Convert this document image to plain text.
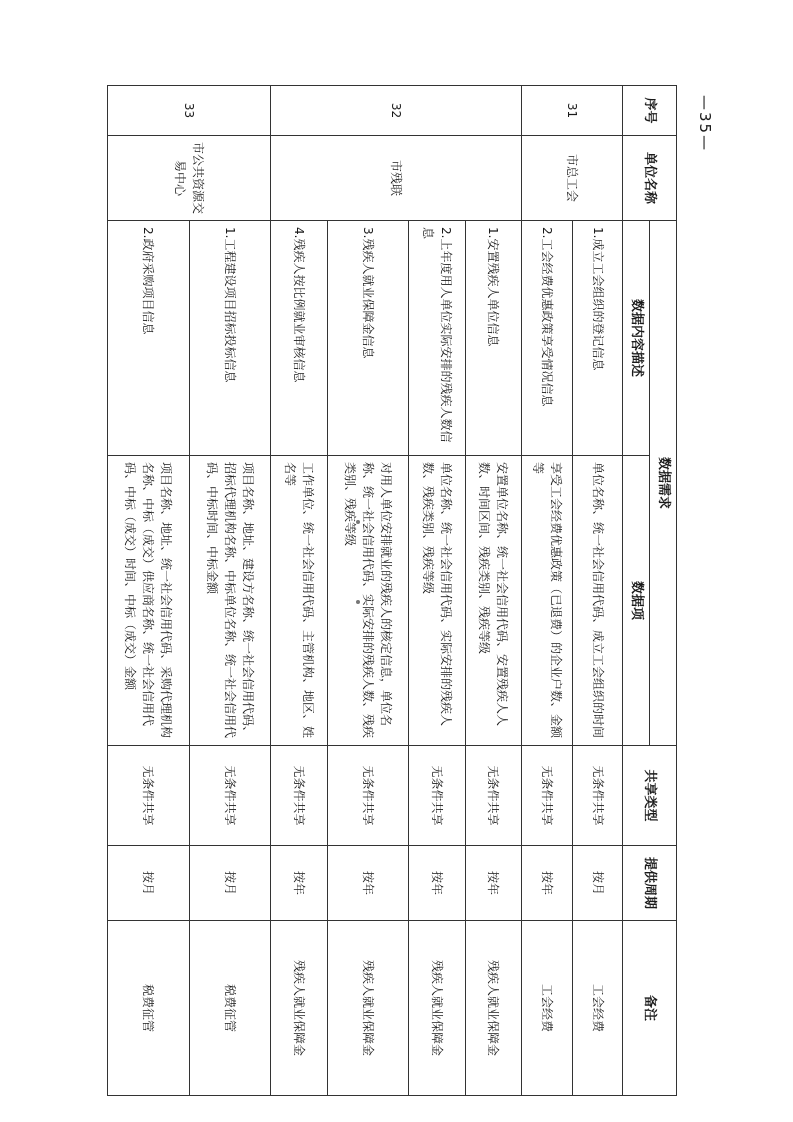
—35—
序号	单位名称	数据需求		共享类型	提供周期	备注
		数据内容描述	数据项			
31	市总工会	1.成立工会组织的登记信息	单位名称、统一社会信用代码、成立工会组织的时间	无条件共享	按月	工会经费
		2.工会经费优惠政策享受情况信息	享受工会经费优惠政策（已退费）的企业户数、金额等	无条件共享	按年	工会经费
32	市残联	1.安置残疾人单位信息	安置单位名称、统一社会信用代码、安置残疾人人数、时间区间、残疾类别、残疾等级	无条件共享	按年	残疾人就业保障金
		2.上年度用人单位实际安排的残疾人数信息	单位名称、统一社会信用代码、实际安排的残疾人数、残疾类别、残疾等级	无条件共享	按年	残疾人就业保障金
		3.残疾人就业保障金信息	对用人单位安排就业的残疾人的核定信息，单位名称、统一社会信用代码、实际安排的残疾人数、残疾类别、残疾等级	无条件共享	按年	残疾人就业保障金
		4.残疾人按比例就业审核信息	工作单位、统一社会信用代码、主管机构、地区、姓名等	无条件共享	按年	残疾人就业保障金
33	市公共资源交易中心	1.工程建设项目招标投标信息	项目名称、地址、建设方名称、统一社会信用代码、招标代理机构名称、中标单位名称、统一社会信用代码、中标时间、中标金额	无条件共享	按月	税费征管
		2.政府采购项目信息	项目名称、地址、统一社会信用代码、采购代理机构名称、中标（成交）供应商名称、统一社会信用代码、中标（成交）时间、中标（成交）金额	无条件共享	按月	税费征管
